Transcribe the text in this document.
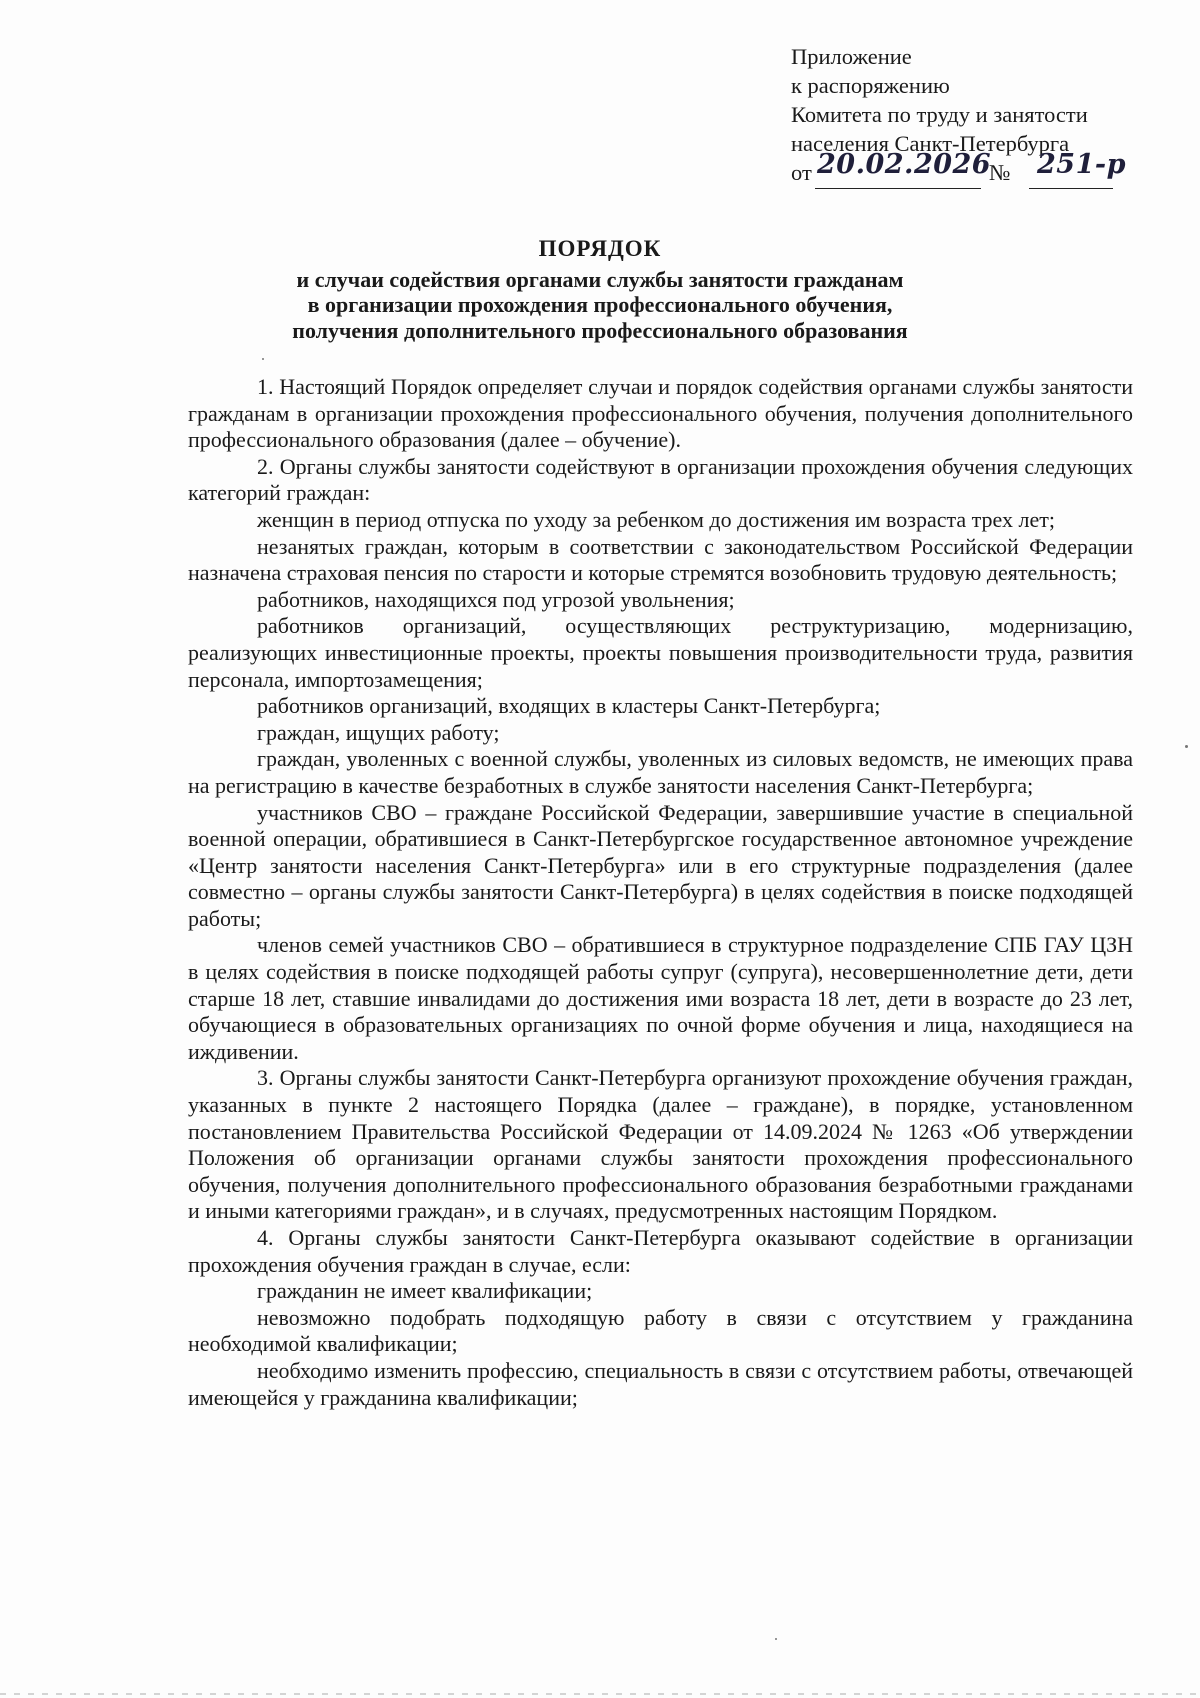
Приложение
к распоряжению
Комитета по труду и занятости
населения Санкт-Петербурга
от 20.02.2026
№ 251-р
ПОРЯДОК
и случаи содействия органами службы занятости гражданам
в организации прохождения профессионального обучения,
получения дополнительного профессионального образования

1. Настоящий Порядок определяет случаи и порядок содействия органами службы занятости гражданам в организации прохождения профессионального обучения, получения дополнительного профессионального образования (далее – обучение).

2. Органы службы занятости содействуют в организации прохождения обучения следующих категорий граждан:

женщин в период отпуска по уходу за ребенком до достижения им возраста трех лет;

незанятых граждан, которым в соответствии с законодательством Российской Федерации назначена страховая пенсия по старости и которые стремятся возобновить трудовую деятельность;

работников, находящихся под угрозой увольнения;

работников организаций, осуществляющих реструктуризацию, модернизацию, реализующих инвестиционные проекты, проекты повышения производительности труда, развития персонала, импортозамещения;

работников организаций, входящих в кластеры Санкт-Петербурга;

граждан, ищущих работу;

граждан, уволенных с военной службы, уволенных из силовых ведомств, не имеющих права на регистрацию в качестве безработных в службе занятости населения Санкт-Петербурга;

участников СВО – граждане Российской Федерации, завершившие участие в специальной военной операции, обратившиеся в Санкт-Петербургское государственное автономное учреждение «Центр занятости населения Санкт-Петербурга» или в его структурные подразделения (далее совместно – органы службы занятости Санкт-Петербурга) в целях содействия в поиске подходящей работы;

членов семей участников СВО – обратившиеся в структурное подразделение СПБ ГАУ ЦЗН в целях содействия в поиске подходящей работы супруг (супруга), несовершеннолетние дети, дети старше 18 лет, ставшие инвалидами до достижения ими возраста 18 лет, дети в возрасте до 23 лет, обучающиеся в образовательных организациях по очной форме обучения и лица, находящиеся на иждивении.

3. Органы службы занятости Санкт-Петербурга организуют прохождение обучения граждан, указанных в пункте 2 настоящего Порядка (далее – граждане), в порядке, установленном постановлением Правительства Российской Федерации от 14.09.2024 № 1263 «Об утверждении Положения об организации органами службы занятости прохождения профессионального обучения, получения дополнительного профессионального образования безработными гражданами и иными категориями граждан», и в случаях, предусмотренных настоящим Порядком.

4. Органы службы занятости Санкт-Петербурга оказывают содействие в организации прохождения обучения граждан в случае, если:

гражданин не имеет квалификации;

невозможно подобрать подходящую работу в связи с отсутствием у гражданина необходимой квалификации;

необходимо изменить профессию, специальность в связи с отсутствием работы, отвечающей имеющейся у гражданина квалификации;
